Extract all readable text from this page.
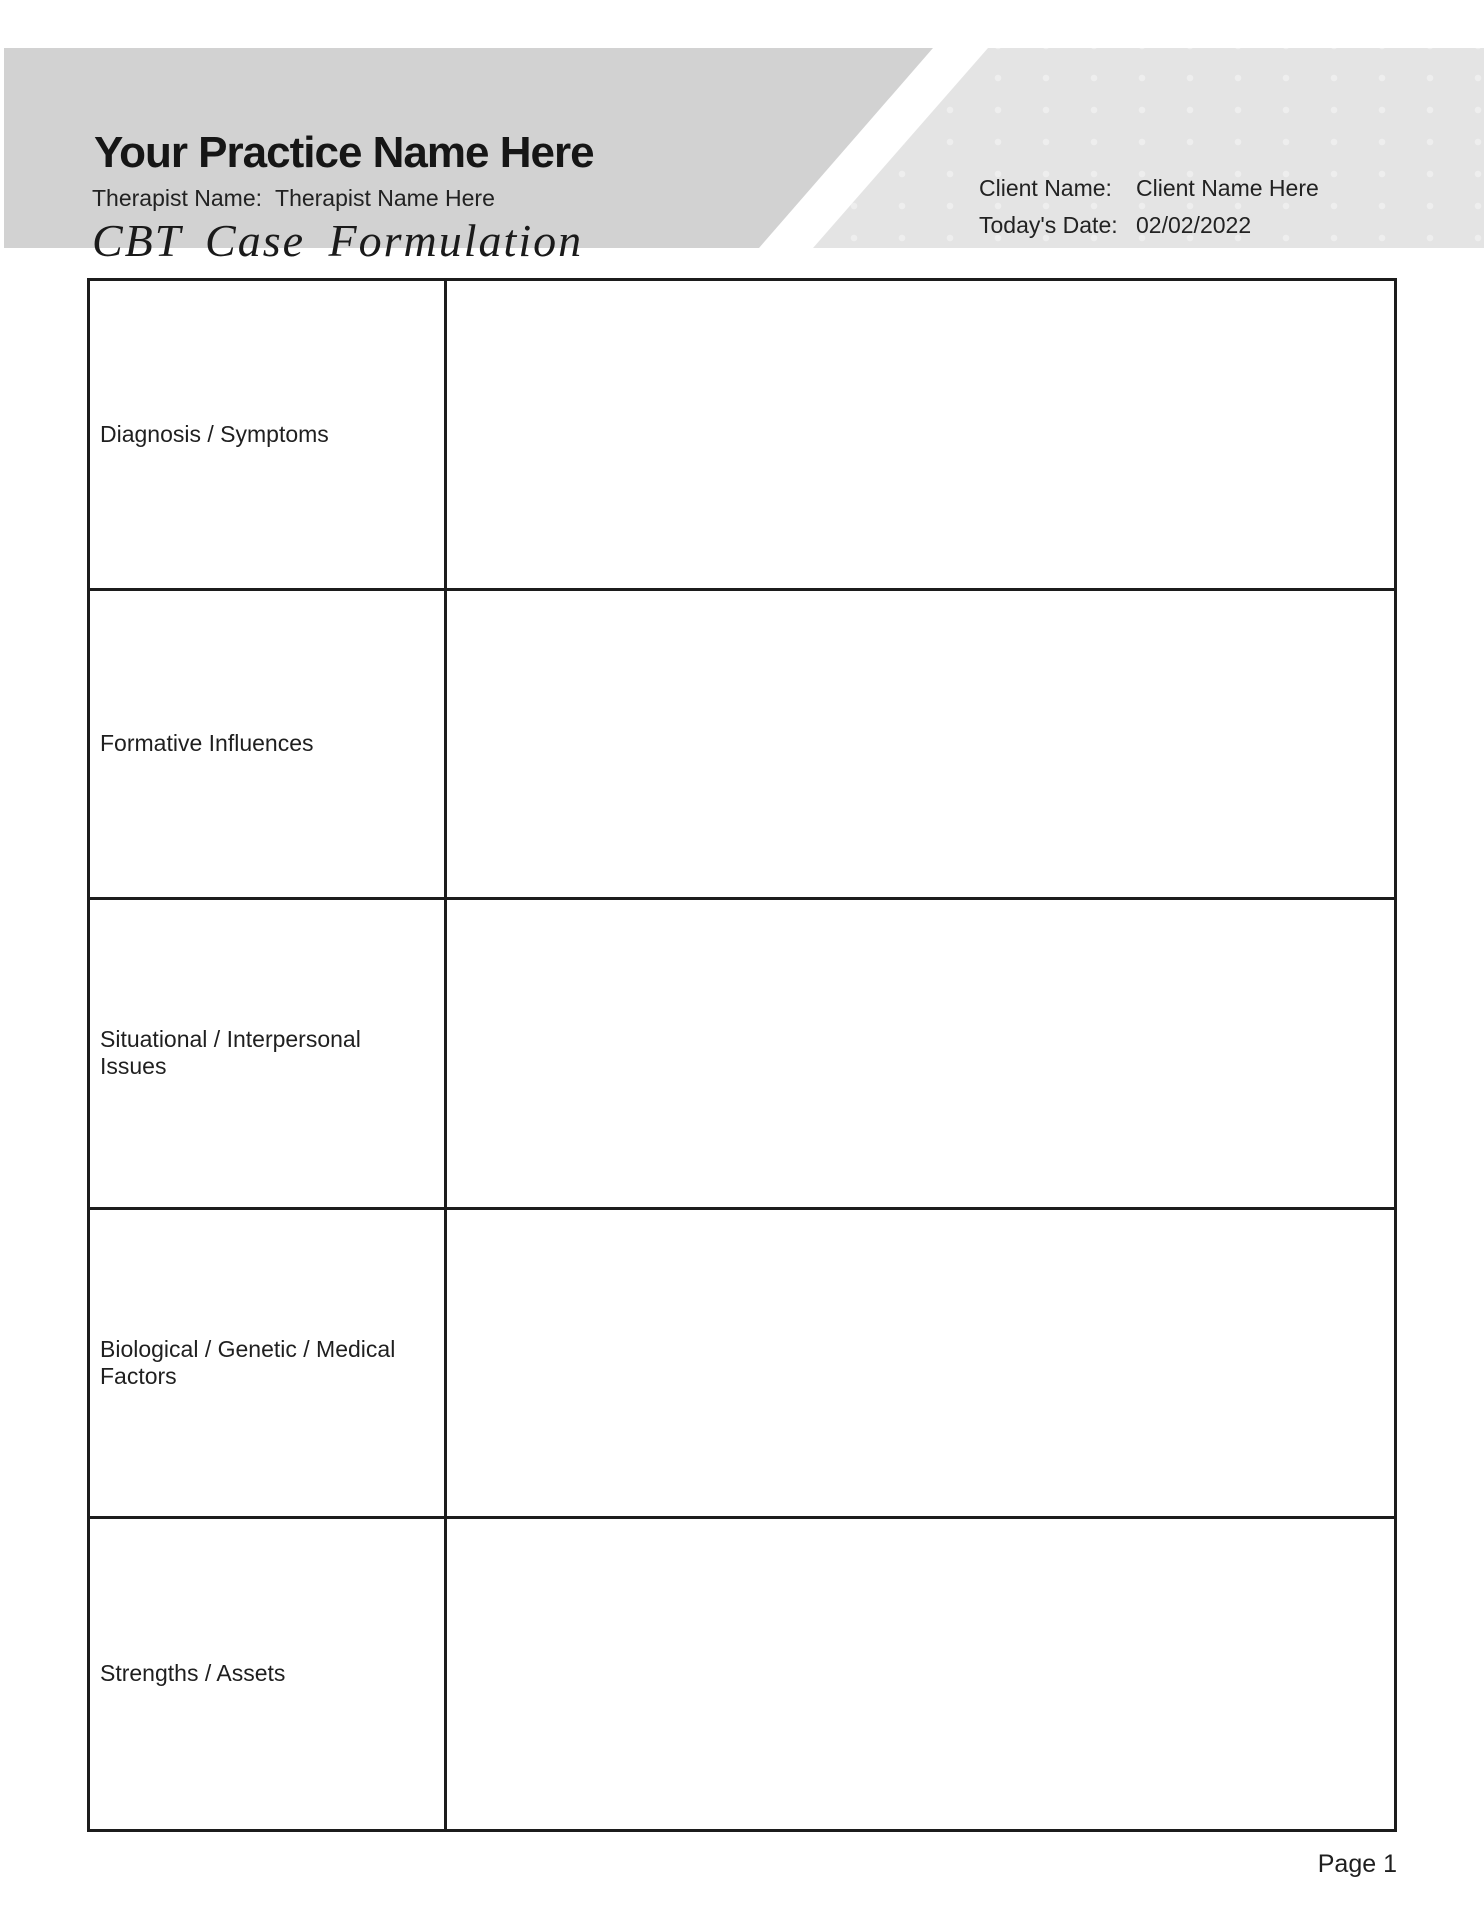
Your Practice Name Here
Therapist Name: Therapist Name Here
CBT Case Formulation
Client Name:	Client Name Here
Today's Date: 02/02/2022
Diagnosis / Symptoms
Formative Influences
Situational / Interpersonal Issues
Biological / Genetic / Medical Factors
Strengths / Assets
Page 1
